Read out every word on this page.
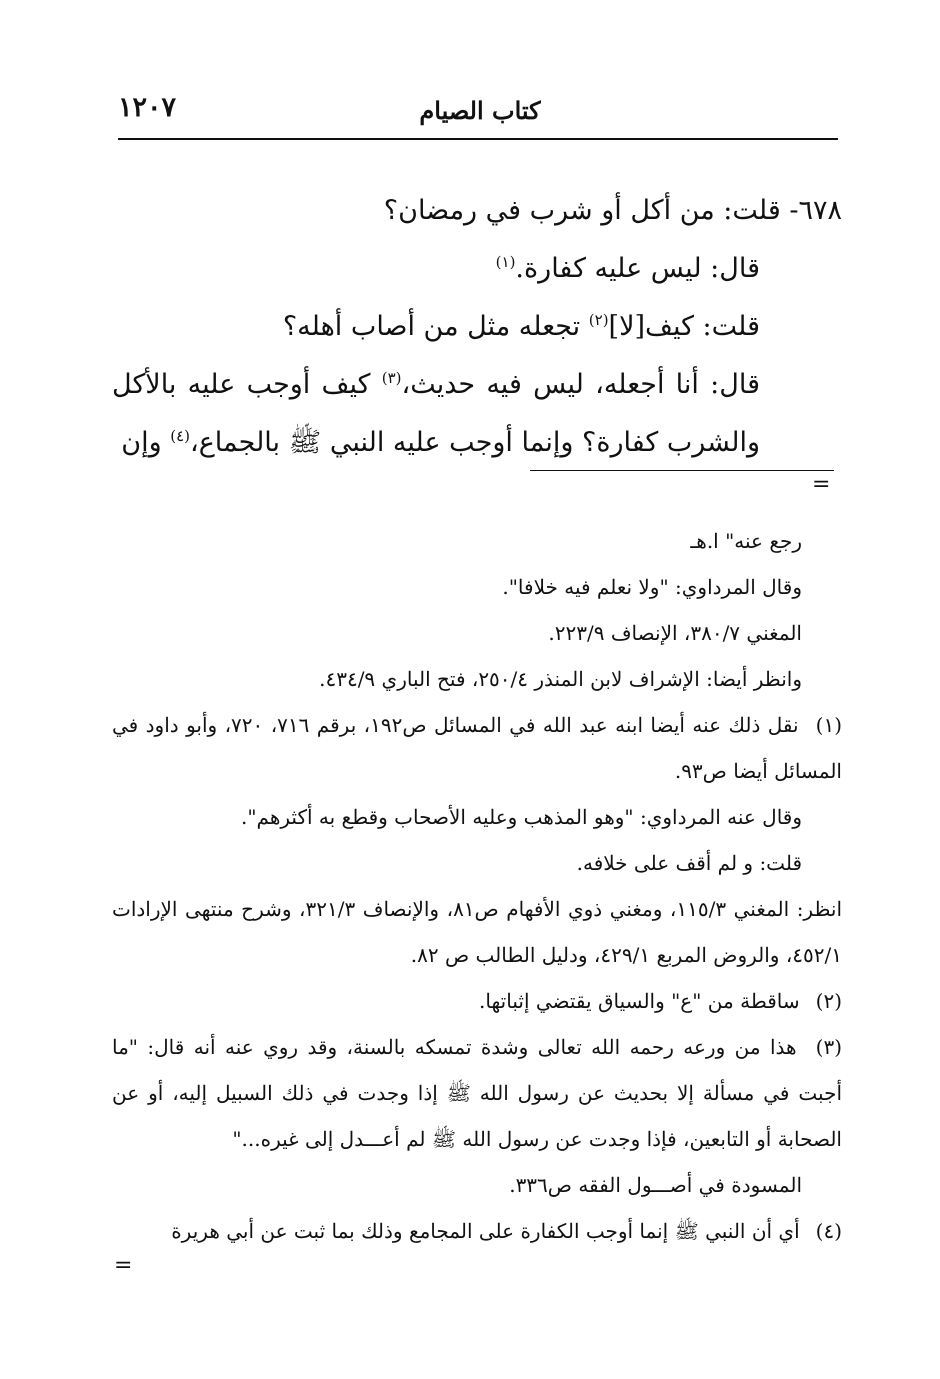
١٢٠٧	كتاب الصيام

٦٧٨- قلت: من أكل أو شرب في رمضان؟

قال: ليس عليه كفارة.$^{(١)}$

قلت: كيف[لا]$^{(٢)}$ تجعله مثل من أصاب أهله؟

قال: أنا أجعله، ليس فيه حديث،$^{(٣)}$ كيف أوجب عليه بالأكل والشرب كفارة؟ وإنما أوجب عليه النبي ﷺ بالجماع،$^{(٤)}$ وإن

=

رجع عنه" ا.هـ

وقال المرداوي: "ولا نعلم فيه خلافا".

المغني ٣٨٠/٧، الإنصاف ٢٢٣/٩.

وانظر أيضا: الإشراف لابن المنذر ٢٥٠/٤، فتح الباري ٤٣٤/٩.

(١) نقل ذلك عنه أيضا ابنه عبد الله في المسائل ص١٩٢، برقم ٧١٦، ٧٢٠، وأبو داود في المسائل أيضا ص٩٣.

وقال عنه المرداوي: "وهو المذهب وعليه الأصحاب وقطع به أكثرهم".

قلت: و لم أقف على خلافه.

انظر: المغني ١١٥/٣، ومغني ذوي الأفهام ص٨١، والإنصاف ٣٢١/٣، وشرح منتهى الإرادات ٤٥٢/١، والروض المربع ٤٢٩/١، ودليل الطالب ص ٨٢.

(٢) ساقطة من "ع" والسياق يقتضي إثباتها.

(٣) هذا من ورعه رحمه الله تعالى وشدة تمسكه بالسنة، وقد روي عنه أنه قال: "ما أجبت في مسألة إلا بحديث عن رسول الله ﷺ إذا وجدت في ذلك السبيل إليه، أو عن الصحابة أو التابعين، فإذا وجدت عن رسول الله ﷺ لم أعـــدل إلى غيره..."

المسودة في أصـــول الفقه ص٣٣٦.

(٤) أي أن النبي ﷺ إنما أوجب الكفارة على المجامع وذلك بما ثبت عن أبي هريرة

=
